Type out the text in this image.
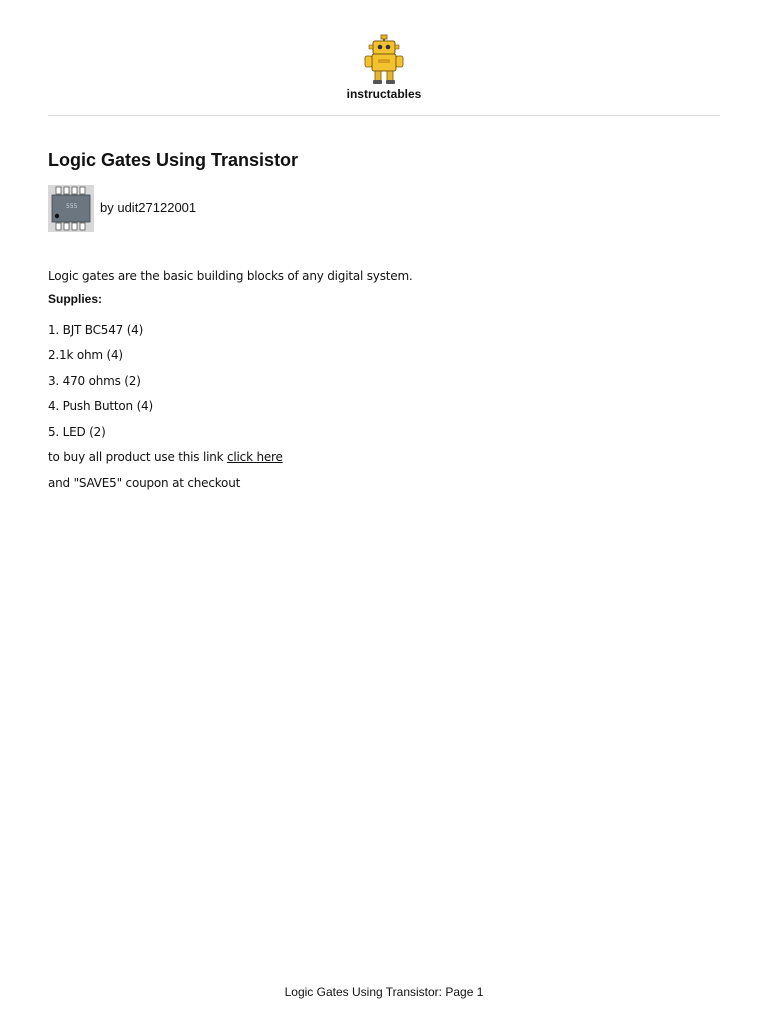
instructables
Logic Gates Using Transistor
555 by udit27122001
Logic gates are the basic building blocks of any digital system.
Supplies:
1. BJT BC547 (4)
2.1k ohm (4)
3. 470 ohms (2)
4. Push Button (4)
5. LED (2)
to buy all product use this link click here
and "SAVE5" coupon at checkout
Logic Gates Using Transistor: Page 1
